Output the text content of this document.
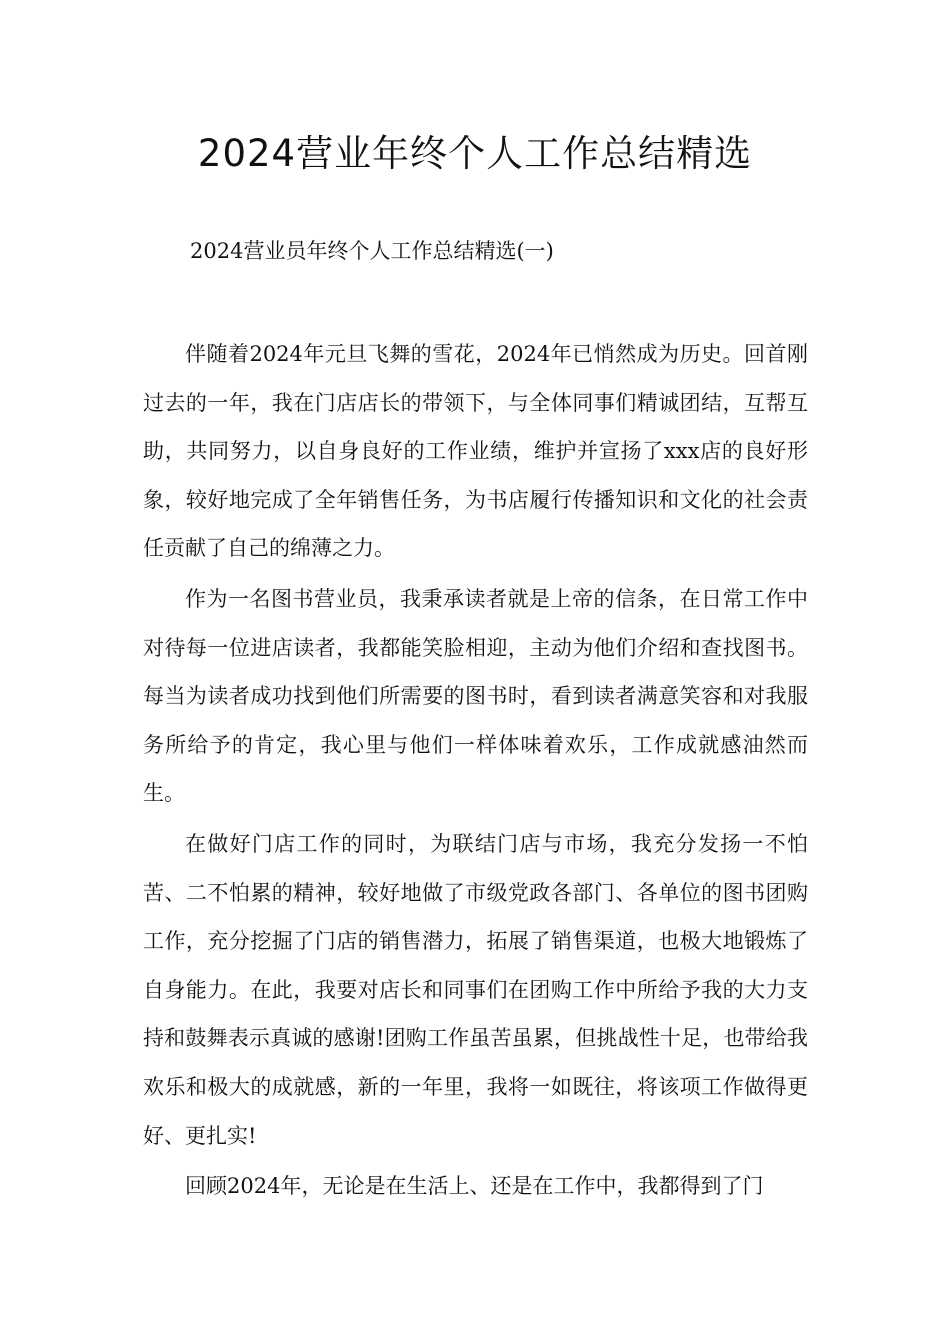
2024营业年终个人工作总结精选

2024营业员年终个人工作总结精选(一)

伴随着2024年元旦飞舞的雪花，2024年已悄然成为历史。回首刚过去的一年，我在门店店长的带领下，与全体同事们精诚团结，互帮互助，共同努力，以自身良好的工作业绩，维护并宣扬了xxx店的良好形象，较好地完成了全年销售任务，为书店履行传播知识和文化的社会责任贡献了自己的绵薄之力。

作为一名图书营业员，我秉承读者就是上帝的信条，在日常工作中对待每一位进店读者，我都能笑脸相迎，主动为他们介绍和查找图书。每当为读者成功找到他们所需要的图书时，看到读者满意笑容和对我服务所给予的肯定，我心里与他们一样体味着欢乐，工作成就感油然而生。

在做好门店工作的同时，为联结门店与市场，我充分发扬一不怕苦、二不怕累的精神，较好地做了市级党政各部门、各单位的图书团购工作，充分挖掘了门店的销售潜力，拓展了销售渠道，也极大地锻炼了自身能力。在此，我要对店长和同事们在团购工作中所给予我的大力支持和鼓舞表示真诚的感谢!团购工作虽苦虽累，但挑战性十足，也带给我欢乐和极大的成就感，新的一年里，我将一如既往，将该项工作做得更好、更扎实!

回顾2024年，无论是在生活上、还是在工作中，我都得到了门
